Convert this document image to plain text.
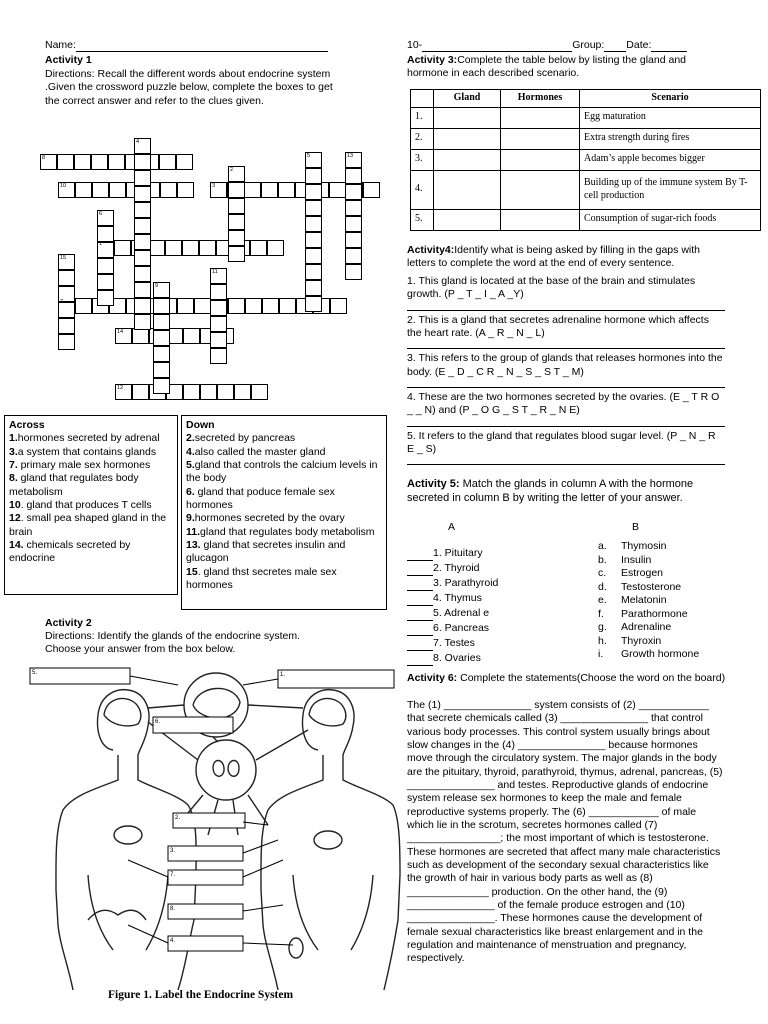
Name:	10-	Group: Date:
Activity 1
Directions: Recall the different words about endocrine system .Given the crossword puzzle below, complete the boxes to get the correct answer and refer to the clues given.
1
2
3
4
5
6
7
8
9
10
11
12
13
14
15
Across
1.hormones secreted by adrenal
3.a system that contains glands
7. primary male sex hormones
8. gland that regulates body metabolism
10. gland that produces T cells
12. small pea shaped gland in the brain
14. chemicals secreted by endocrine
Down
2.secreted by pancreas
4.also called the master gland
5.gland that controls the calcium levels in the body
6. gland that poduce female sex hormones
9.hormones secreted by the ovary
11.gland that regulates body metabolism
13. gland that secretes insulin and glucagon
15. gland thst secretes male sex hormones
Activity 2
Directions: Identify the glands of the endocrine system. Choose your answer from the box below.
5.	1.
6.
2.
3.
7.
8.
4.
Figure 1. Label the Endocrine System
Activity 3:Complete the table below by listing the gland and hormone in each described scenario.
	Gland	Hormones	Scenario
1.			Egg maturation
2.			Extra strength during fires
3.			Adam’s apple becomes bigger
4.			Building up of the immune system By T-cell production
5.			Consumption of sugar-rich foods
Activity4:Identify what is being asked by filling in the gaps with letters to complete the word at the end of every sentence.
1. This gland is located at the base of the brain and stimulates growth. (P _ T _ I _ A _Y)
2. This is a gland that secretes adrenaline hormone which affects the heart rate. (A _ R _ N _ L)
3. This refers to the group of glands that releases hormones into the body. (E _ D _ C R _ N _ S _ S T _ M)
4. These are the two hormones secreted by the ovaries. (E _ T R O _ _ N) and (P _ O G _ S T _ R _ N E)
5. It refers to the gland that regulates blood sugar level. (P _ N _ R E _ S)
Activity 5: Match the glands in column A with the hormone secreted in column B by writing the letter of your answer.
A	B
1. Pituitary
2. Thyroid
3. Parathyroid
4. Thymus
5. Adrenal e
6. Pancreas
7. Testes
8. Ovaries
a. Thymosin
b. Insulin
c. Estrogen
d. Testosterone
e. Melatonin
f. Parathormone
g. Adrenaline
h. Thyroxin
i. Growth hormone
Activity 6: Complete the statements(Choose the word on the board)
The (1) _______________ system consists of (2) ____________ that secrete chemicals called (3) _______________ that control various body processes. This control system usually brings about slow changes in the (4) _______________ because hormones move through the circulatory system. The major glands in the body are the pituitary, thyroid, parathyroid, thymus, adrenal, pancreas, (5) _______________ and testes. Reproductive glands of endocrine system release sex hormones to keep the male and female reproductive systems properly. The (6) ____________ of male which lie in the scrotum, secretes hormones called (7) ________________; the most important of which is testosterone. These hormones are secreted that affect many male characteristics such as development of the secondary sexual characteristics like the growth of hair in various body parts as well as (8) ______________ production. On the other hand, the (9) _______________ of the female produce estrogen and (10) _______________. These hormones cause the development of female sexual characteristics like breast enlargement and in the regulation and maintenance of menstruation and pregnancy, respectively.
